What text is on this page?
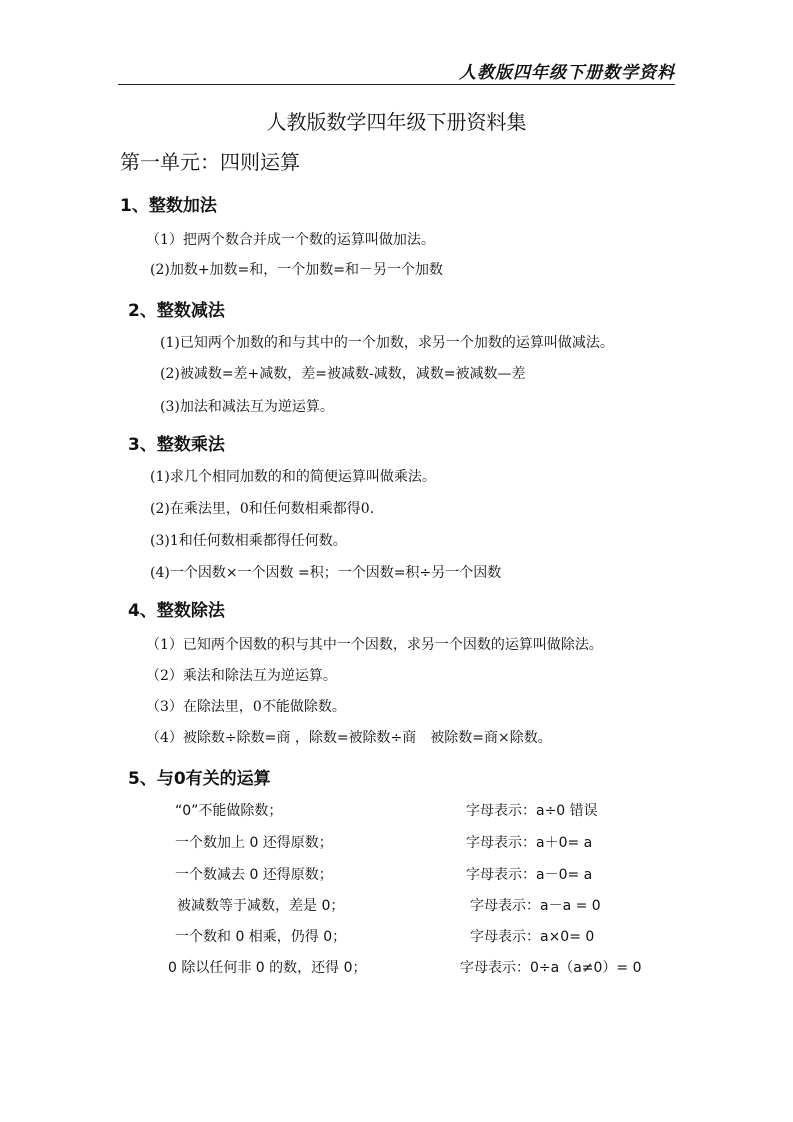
人教版四年级下册数学资料
人教版数学四年级下册资料集
第一单元：四则运算
1、整数加法
（1）把两个数合并成一个数的运算叫做加法。
(2)加数+加数=和，一个加数=和－另一个加数
2、整数减法
(1)已知两个加数的和与其中的一个加数，求另一个加数的运算叫做减法。
(2)被减数=差+减数，差=被减数-减数，减数=被减数—差
(3)加法和减法互为逆运算。
3、整数乘法
(1)求几个相同加数的和的简便运算叫做乘法。
(2)在乘法里，0和任何数相乘都得0.
(3)1和任何数相乘都得任何数。
(4)一个因数×一个因数 =积；一个因数=积÷另一个因数
4、整数除法
（1）已知两个因数的积与其中一个因数，求另一个因数的运算叫做除法。
（2）乘法和除法互为逆运算。
（3）在除法里，0不能做除数。
（4）被除数÷除数=商 ，除数=被除数÷商　被除数=商×除数。
5、与0有关的运算
“0”不能做除数；	字母表示：a÷0 错误
一个数加上 0 还得原数；	字母表示：a＋0= a
一个数减去 0 还得原数；	字母表示：a－0= a
被减数等于减数，差是 0；	字母表示：a－a = 0
一个数和 0 相乘，仍得 0；	字母表示：a×0= 0
0 除以任何非 0 的数，还得 0；	字母表示：0÷a（a≠0）= 0
